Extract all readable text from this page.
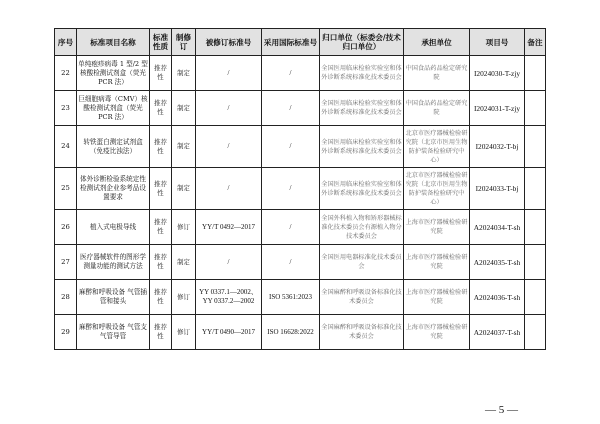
序号	标准项目名称	标准性质	制修订	被修订标准号	采用国际标准号	归口单位（标委会/技术归口单位）	承担单位	项目号	备注
22	单纯疱疹病毒 1 型/2 型核酸检测试剂盒（荧光 PCR 法）	推荐性	制定	/	/	全国医用临床检验实验室和体外诊断系统标准化技术委员会	中国食品药品检定研究院	I2024030-T-zjy	
23	巨细胞病毒（CMV）核酸检测试剂盒（荧光 PCR 法）	推荐性	制定	/	/	全国医用临床检验实验室和体外诊断系统标准化技术委员会	中国食品药品检定研究院	I2024031-T-zjy	
24	转铁蛋白测定试剂盒（免疫比浊法）	推荐性	制定	/	/	全国医用临床检验实验室和体外诊断系统标准化技术委员会	北京市医疗器械检验研究院（北京市医用生物防护装备检验研究中心）	I2024032-T-bj	
25	体外诊断检验系统定性检测试剂企业参考品设置要求	推荐性	制定	/	/	全国医用临床检验实验室和体外诊断系统标准化技术委员会	北京市医疗器械检验研究院（北京市医用生物防护装备检验研究中心）	I2024033-T-bj	
26	植入式电极导线	推荐性	修订	YY/T 0492—2017	/	全国外科植入物和矫形器械标准化技术委员会有源植入物分技术委员会	上海市医疗器械检验研究院	A2024034-T-sh	
27	医疗器械软件的图形学测量功能的测试方法	推荐性	制定	/	/	全国医用电器标准化技术委员会	上海市医疗器械检验研究院	A2024035-T-sh	
28	麻醉和呼吸设备 气管插管和接头	推荐性	修订	YY 0337.1—2002、YY 0337.2—2002	ISO 5361:2023	全国麻醉和呼吸设备标准化技术委员会	上海市医疗器械检验研究院	A2024036-T-sh	
29	麻醉和呼吸设备 气管支气管导管	推荐性	修订	YY/T 0490—2017	ISO 16628:2022	全国麻醉和呼吸设备标准化技术委员会	上海市医疗器械检验研究院	A2024037-T-sh	
— 5 —
